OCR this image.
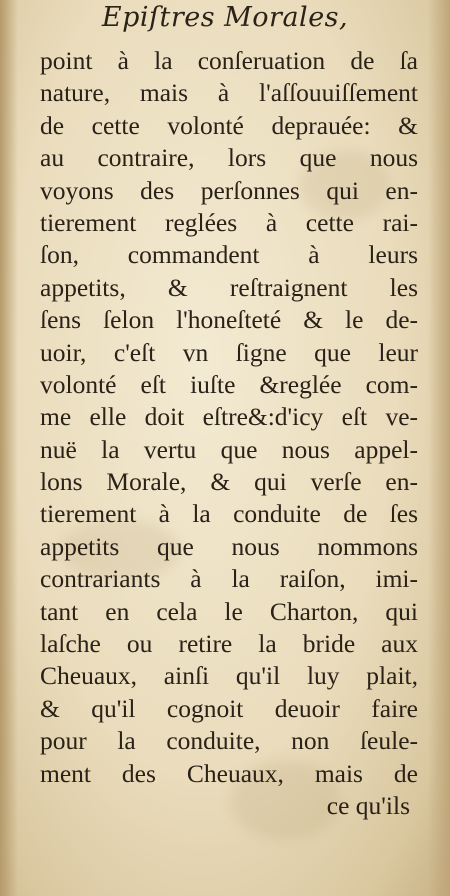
Epiſtres Morales,
point à la conſeruation de ſa
nature, mais à l'aſſouuiſſement
de cette volonté deprauée: &
au contraire, lors que nous
voyons des perſonnes qui en-
tierement reglées à cette rai-
ſon, commandent à leurs
appetits, & reſtraignent les
ſens ſelon l'honeſteté & le de-
uoir, c'eſt vn ſigne que leur
volonté eſt iuſte &reglée com-
me elle doit eſtre&:d'icy eſt ve-
nuë la vertu que nous appel-
lons Morale, & qui verſe en-
tierement à la conduite de ſes
appetits que nous nommons
contrariants à la raiſon, imi-
tant en cela le Charton, qui
laſche ou retire la bride aux
Cheuaux, ainſi qu'il luy plait,
& qu'il cognoit deuoir faire
pour la conduite, non ſeule-
ment des Cheuaux, mais de
ce qu'ils
